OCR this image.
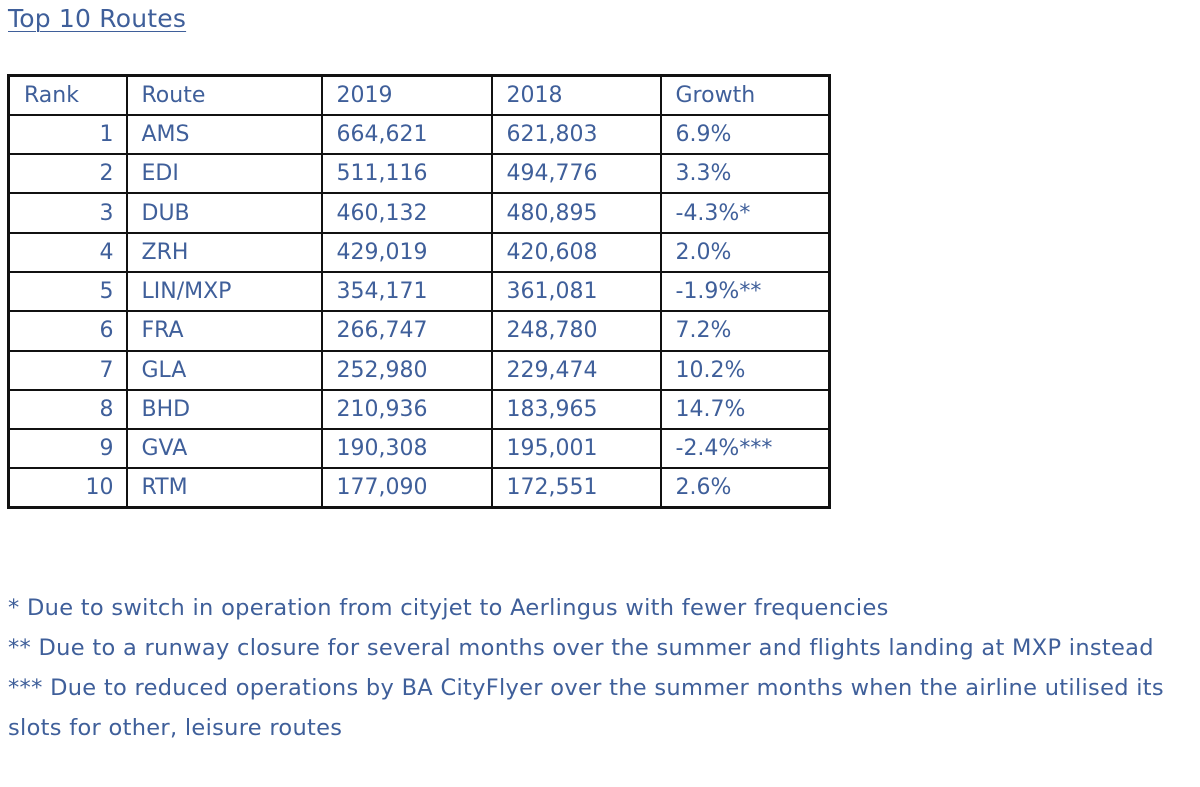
Top 10 Routes
Rank	Route	2019	2018	Growth
1	AMS	664,621	621,803	6.9%
2	EDI	511,116	494,776	3.3%
3	DUB	460,132	480,895	-4.3%*
4	ZRH	429,019	420,608	2.0%
5	LIN/MXP	354,171	361,081	-1.9%**
6	FRA	266,747	248,780	7.2%
7	GLA	252,980	229,474	10.2%
8	BHD	210,936	183,965	14.7%
9	GVA	190,308	195,001	-2.4%***
10	RTM	177,090	172,551	2.6%

* Due to switch in operation from cityjet to Aerlingus with fewer frequencies

** Due to a runway closure for several months over the summer and flights landing at MXP instead

*** Due to reduced operations by BA CityFlyer over the summer months when the airline utilised its slots for other, leisure routes
